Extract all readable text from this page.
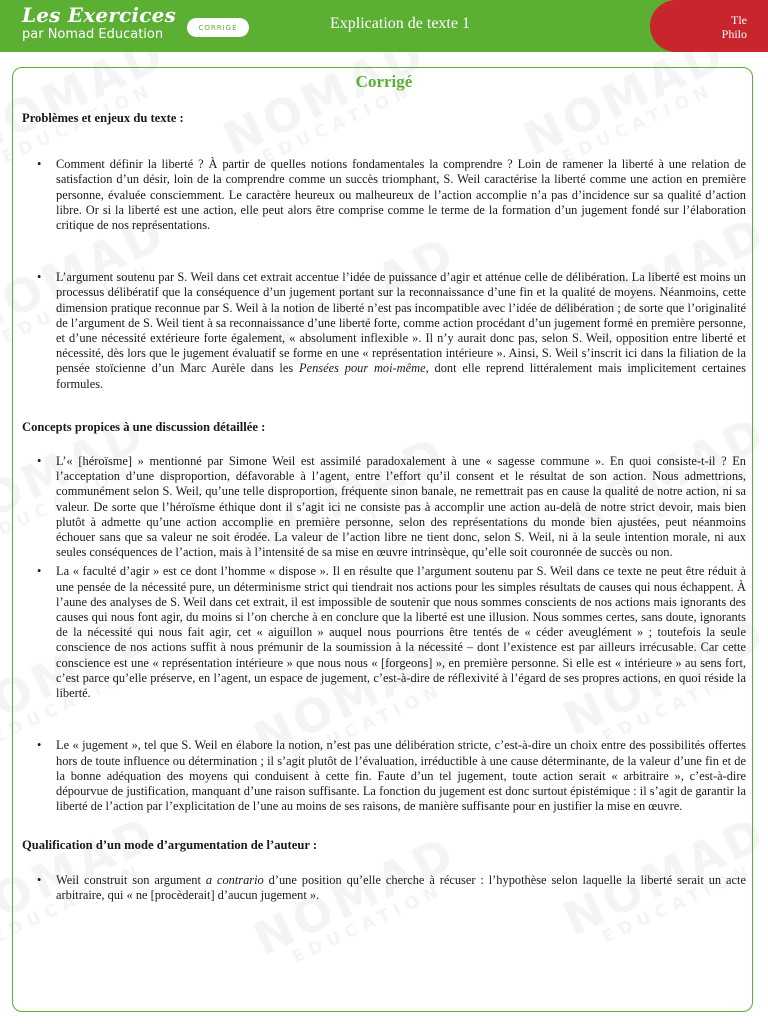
Les Exercices
par Nomad Education	CORRIGÉ	Explication de texte 1	Tle
Philo
Corrigé

Problèmes et enjeux du texte :

• Comment définir la liberté ? À partir de quelles notions fondamentales la comprendre ? Loin de ramener la liberté à une relation de satisfaction d’un désir, loin de la comprendre comme un succès triomphant, S. Weil caractérise la liberté comme une action en première personne, évaluée consciemment. Le caractère heureux ou malheureux de l’action accomplie n’a pas d’incidence sur sa qualité d’action libre. Or si la liberté est une action, elle peut alors être comprise comme le terme de la formation d’un jugement fondé sur l’élaboration critique de nos représentations.

• L’argument soutenu par S. Weil dans cet extrait accentue l’idée de puissance d’agir et atténue celle de délibération. La liberté est moins un processus délibératif que la conséquence d’un jugement portant sur la reconnaissance d’une fin et la qualité de moyens. Néanmoins, cette dimension pratique reconnue par S. Weil à la notion de liberté n’est pas incompatible avec l’idée de délibération ; de sorte que l’originalité de l’argument de S. Weil tient à sa reconnaissance d’une liberté forte, comme action procédant d’un jugement formé en première personne, et d’une nécessité extérieure forte également, « absolument inflexible ». Il n’y aurait donc pas, selon S. Weil, opposition entre liberté et nécessité, dès lors que le jugement évaluatif se forme en une « représentation intérieure ». Ainsi, S. Weil s’inscrit ici dans la filiation de la pensée stoïcienne d’un Marc Aurèle dans les Pensées pour moi-même, dont elle reprend littéralement mais implicitement certaines formules.

Concepts propices à une discussion détaillée :

• L’« [héroïsme] » mentionné par Simone Weil est assimilé paradoxalement à une « sagesse commune ». En quoi consiste-t-il ? En l’acceptation d’une disproportion, défavorable à l’agent, entre l’effort qu’il consent et le résultat de son action. Nous admettrions, communément selon S. Weil, qu’une telle disproportion, fréquente sinon banale, ne remettrait pas en cause la qualité de notre action, ni sa valeur. De sorte que l’héroïsme éthique dont il s’agit ici ne consiste pas à accomplir une action au-delà de notre strict devoir, mais bien plutôt à admette qu’une action accomplie en première personne, selon des représentations du monde bien ajustées, peut néanmoins échouer sans que sa valeur ne soit érodée. La valeur de l’action libre ne tient donc, selon S. Weil, ni à la seule intention morale, ni aux seules conséquences de l’action, mais à l’intensité de sa mise en œuvre intrinsèque, qu’elle soit couronnée de succès ou non.

• La « faculté d’agir » est ce dont l’homme « dispose ». Il en résulte que l’argument soutenu par S. Weil dans ce texte ne peut être réduit à une pensée de la nécessité pure, un déterminisme strict qui tiendrait nos actions pour les simples résultats de causes qui nous échappent. À l’aune des analyses de S. Weil dans cet extrait, il est impossible de soutenir que nous sommes conscients de nos actions mais ignorants des causes qui nous font agir, du moins si l’on cherche à en conclure que la liberté est une illusion. Nous sommes certes, sans doute, ignorants de la nécessité qui nous fait agir, cet « aiguillon » auquel nous pourrions être tentés de « céder aveuglément » ; toutefois la seule conscience de nos actions suffit à nous prémunir de la soumission à la nécessité – dont l’existence est par ailleurs irrécusable. Car cette conscience est une « représentation intérieure » que nous nous « [forgeons] », en première personne. Si elle est « intérieure » au sens fort, c’est parce qu’elle préserve, en l’agent, un espace de jugement, c’est-à-dire de réflexivité à l’égard de ses propres actions, en quoi réside la liberté.

• Le « jugement », tel que S. Weil en élabore la notion, n’est pas une délibération stricte, c’est-à-dire un choix entre des possibilités offertes hors de toute influence ou détermination ; il s’agit plutôt de l’évaluation, irréductible à une cause déterminante, de la valeur d’une fin et de la bonne adéquation des moyens qui conduisent à cette fin. Faute d’un tel jugement, toute action serait « arbitraire », c’est-à-dire dépourvue de justification, manquant d’une raison suffisante. La fonction du jugement est donc surtout épistémique : il s’agit de garantir la liberté de l’action par l’explicitation de l’une au moins de ses raisons, de manière suffisante pour en justifier la mise en œuvre.

Qualification d’un mode d’argumentation de l’auteur :

• Weil construit son argument a contrario d’une position qu’elle cherche à récuser : l’hypothèse selon laquelle la liberté serait un acte arbitraire, qui « ne [procèderait] d’aucun jugement ».
